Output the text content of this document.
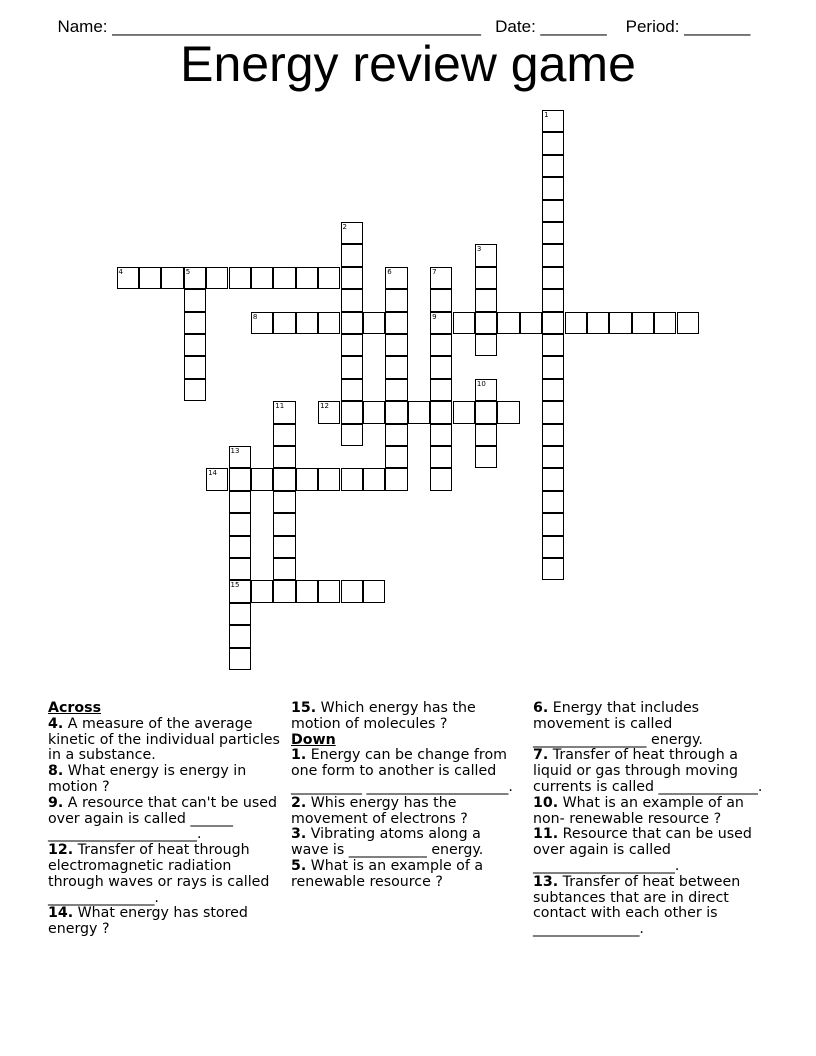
Name: _______________________________________ Date: _______ Period: _______

Energy review game
1
2
3
4	5	6	7
9
8
10
11	12
13
15
14
Across

4. A measure of the average kinetic of the individual particles in a substance.

8. What energy is energy in motion ?

9. A resource that can't be used over again is called ______ _____________________.

12. Transfer of heat through electromagnetic radiation through waves or rays is called _______________.

14. What energy has stored energy ?

15. Which energy has the motion of molecules ?

Down

1. Energy can be change from one form to another is called __________ ____________________.

2. Whis energy has the movement of electrons ?

3. Vibrating atoms along a wave is ___________ energy.

5. What is an example of a renewable resource ?

6. Energy that includes movement is called ________________ energy.

7. Transfer of heat through a liquid or gas through moving currents is called ______________.

10. What is an example of an non- renewable resource ?

11. Resource that can be used over again is called ____________________.

13. Transfer of heat between subtances that are in direct contact with each other is _______________.
